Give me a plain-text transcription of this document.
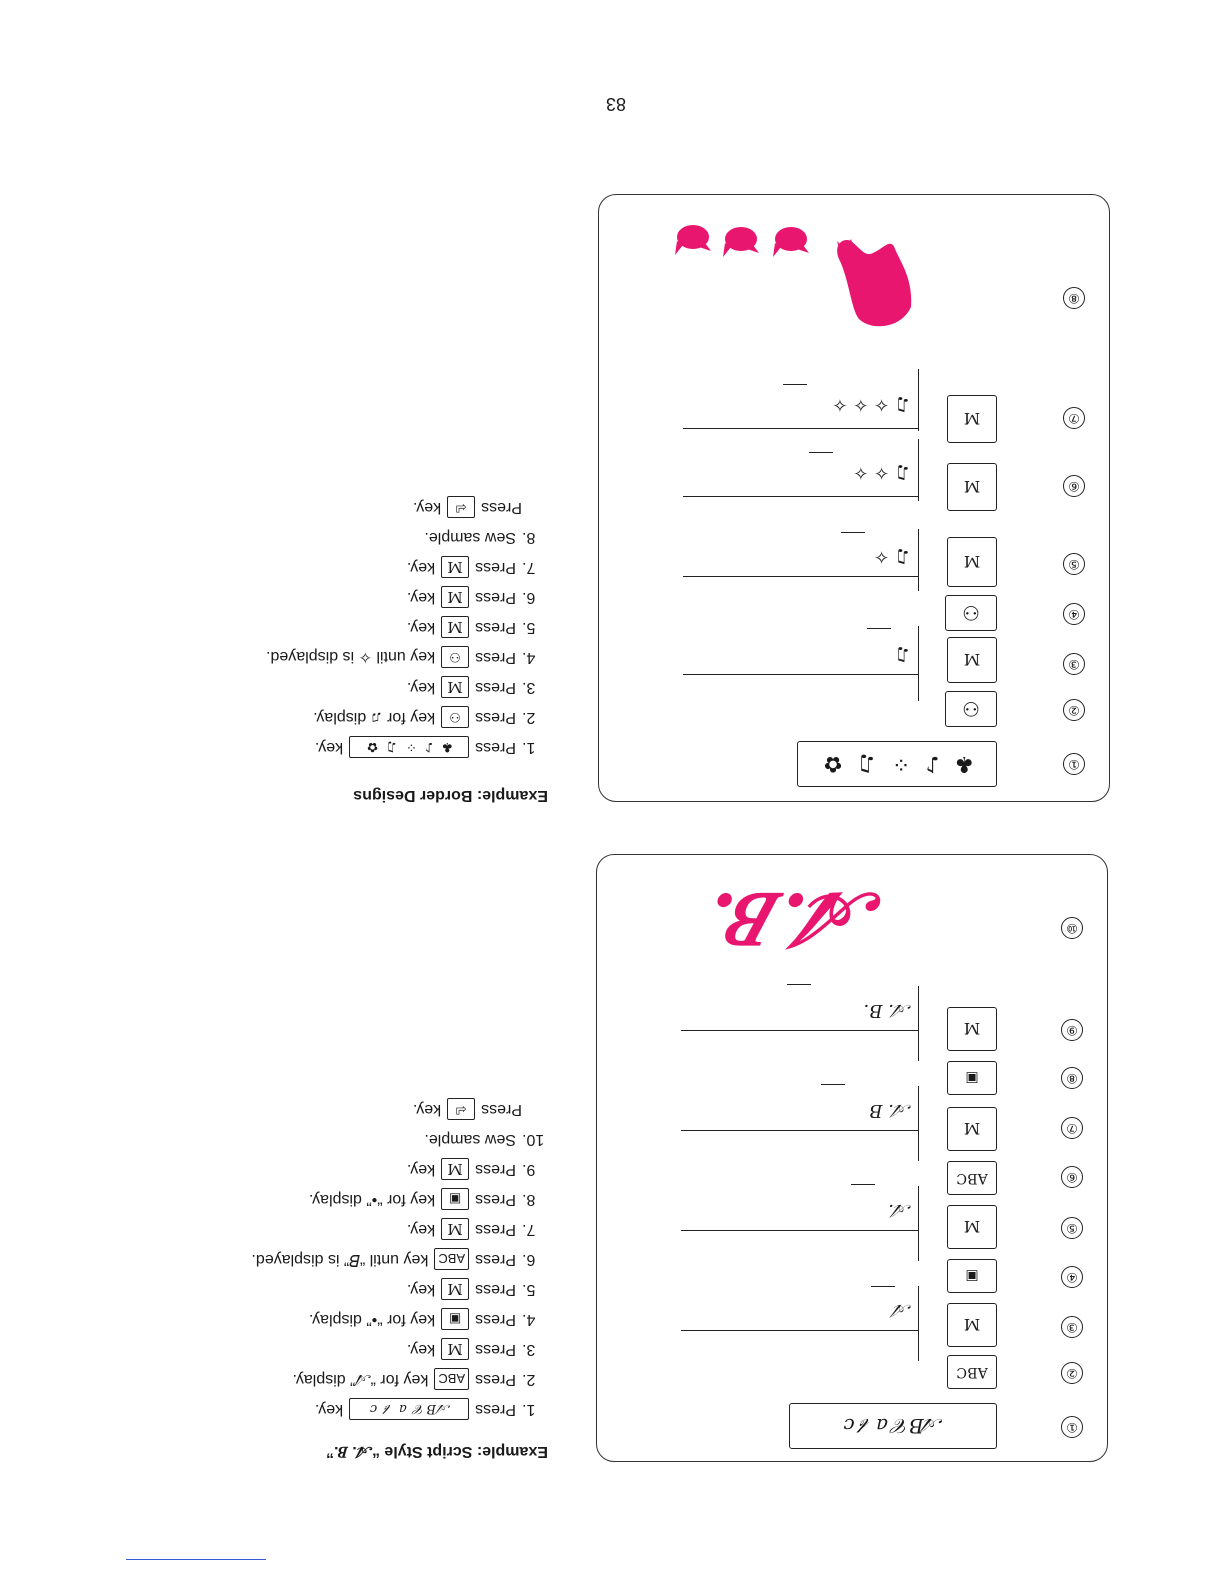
83
Example: Script Style “𝒜. 𝐵.”
1.
Press
𝒜𝐵𝒞 a 𝒷 c
key.
2.
Press
ABC
key for “𝒜” display.
3.
Press
M
key.
4.
Press
▣
key for “•” display.
5.
Press
M
key.
6.
Press
ABC
key until “𝐵” is displayed.
7.
Press
M
key.
8.
Press
▣
key for “•” display.
9.
Press
M
key.
10.
Sew sample.
Press
⏎
key.
①
②
③
④
⑤
⑥
⑦
⑧
⑨
⑩
𝒜𝐵𝒞 a 𝒷 c
ABC
M
𝒜
▣
M
𝒜.
ABC
M
𝒜. 𝐵
▣
M
𝒜. 𝐵.
𝒜.𝐵.
Example: Border Designs
1.
Press
♣ ♪ ⁘ ♫ ✿
key.
2.
Press
⚇
key for ♫ display.
3.
Press
M
key.
4.
Press
⚇
key until ✧ is displayed.
5.
Press
M
key.
6.
Press
M
key.
7.
Press
M
key.
8.
Sew sample.
Press
⏎
key.
①
②
③
④
⑤
⑥
⑦
⑧
♣ ♪ ⁘ ♫ ✿
⚇
M
♫
⚇
M
♫ ✧
M
♫ ✧ ✧
M
♫ ✧ ✧ ✧
